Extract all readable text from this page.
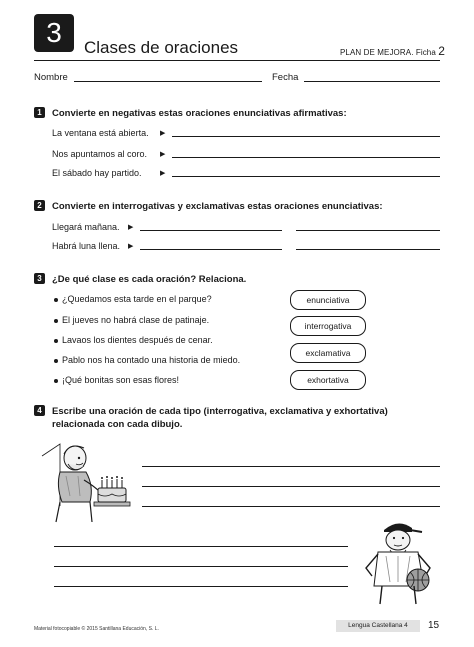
3	Clases de oraciones	PLAN DE MEJORA. Ficha 2
Nombre	Fecha
1	Convierte en negativas estas oraciones enunciativas afirmativas:
La ventana está abierta. ▶
Nos apuntamos al coro. ▶
El sábado hay partido.	▶
2	Convierte en interrogativas y exclamativas estas oraciones enunciativas:
Llegará mañana. ▶
Habrá luna llena. ▶
3	¿De qué clase es cada oración? Relaciona.
¿Quedamos esta tarde en el parque?
El jueves no habrá clase de patinaje.
Lavaos los dientes después de cenar.
Pablo nos ha contado una historia de miedo.
¡Qué bonitas son esas flores!
enunciativa
interrogativa
exclamativa
exhortativa
4	Escribe una oración de cada tipo (interrogativa, exclamativa y exhortativa)
relacionada con cada dibujo.
Material fotocopiable © 2015 Santillana Educación, S. L.	Lengua Castellana 4	15
